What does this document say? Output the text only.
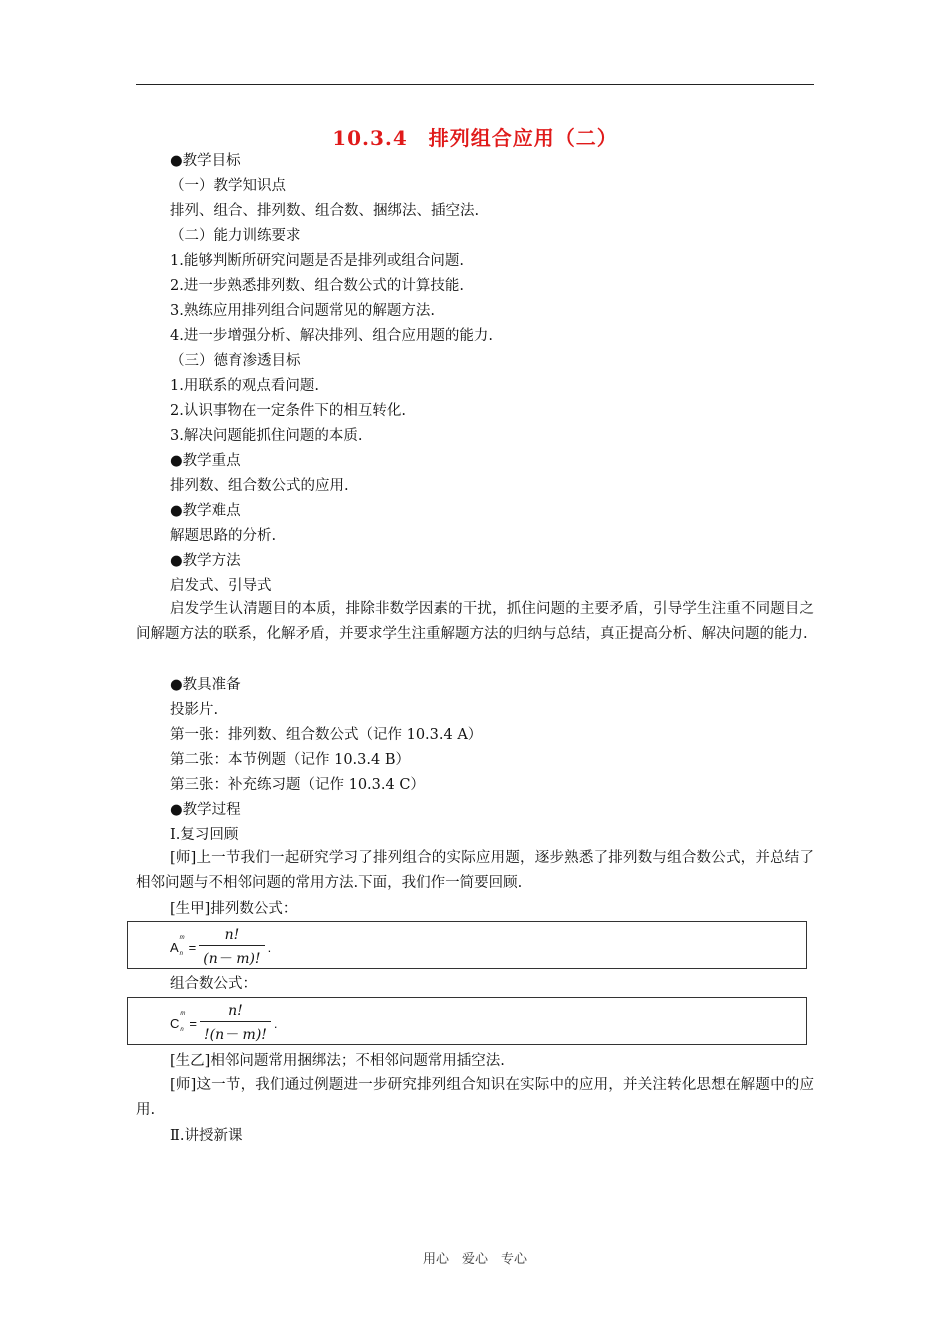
10.3.4　排列组合应用（二）
●教学目标
（一）教学知识点
排列、组合、排列数、组合数、捆绑法、插空法.
（二）能力训练要求
1.能够判断所研究问题是否是排列或组合问题.
2.进一步熟悉排列数、组合数公式的计算技能.
3.熟练应用排列组合问题常见的解题方法.
4.进一步增强分析、解决排列、组合应用题的能力.
（三）德育渗透目标
1.用联系的观点看问题.
2.认识事物在一定条件下的相互转化.
3.解决问题能抓住问题的本质.
●教学重点
排列数、组合数公式的应用.
●教学难点
解题思路的分析.
●教学方法
启发式、引导式
启发学生认清题目的本质，排除非数学因素的干扰，抓住问题的主要矛盾，引导学生注重不同题目之间解题方法的联系，化解矛盾，并要求学生注重解题方法的归纳与总结，真正提高分析、解决问题的能力.
●教具准备
投影片.
第一张：排列数、组合数公式（记作 10.3.4 A）
第二张：本节例题（记作 10.3.4 B）
第三张：补充练习题（记作 10.3.4 C）
●教学过程
Ⅰ.复习回顾
[师]上一节我们一起研究学习了排列组合的实际应用题，逐步熟悉了排列数与组合数公式，并总结了相邻问题与不相邻问题的常用方法.下面，我们作一简要回顾.
[生甲]排列数公式：
A
m
$n = \frac{n!}{(n- m)!}$ .
组合数公式：
C
m
$n = \frac{n!}{!(n- m)!}$ .
[生乙]相邻问题常用捆绑法；不相邻问题常用插空法.
[师]这一节，我们通过例题进一步研究排列组合知识在实际中的应用，并关注转化思想在解题中的应用.
Ⅱ.讲授新课
用心　爱心　专心
